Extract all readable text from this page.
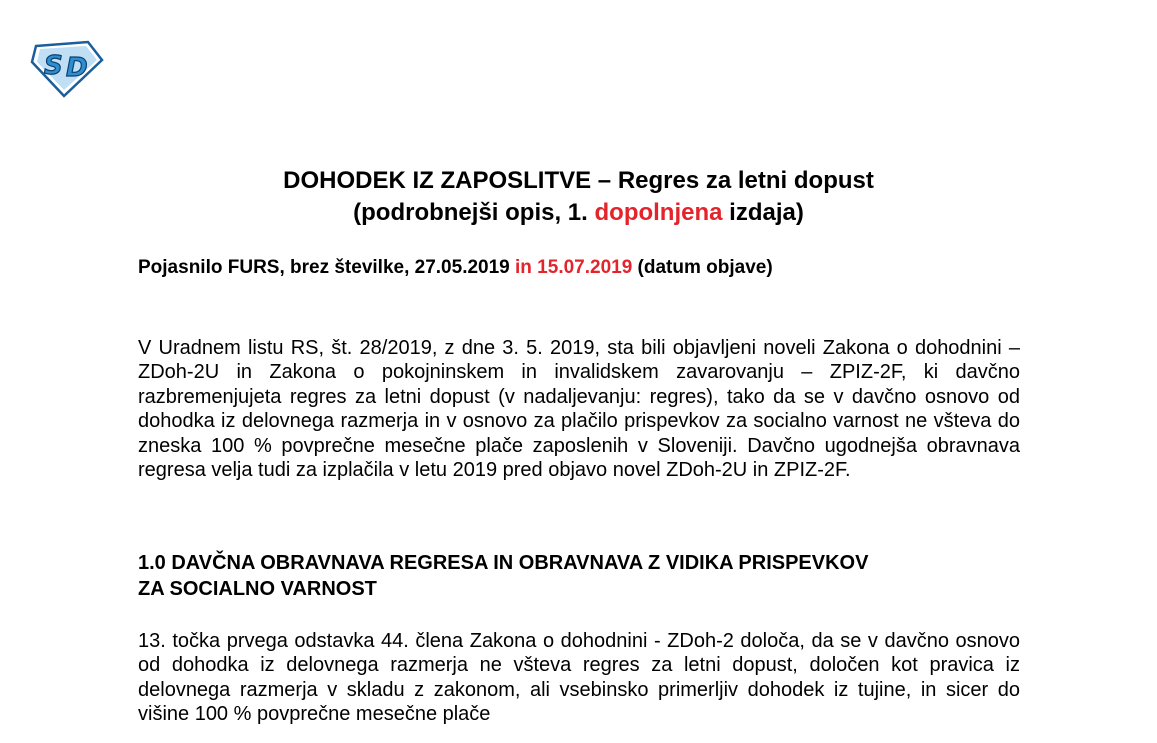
S D
DOHODEK IZ ZAPOSLITVE – Regres za letni dopust
(podrobnejši opis, 1. dopolnjena izdaja)
Pojasnilo FURS, brez številke, 27.05.2019 in 15.07.2019 (datum objave)

V Uradnem listu RS, št. 28/2019, z dne 3. 5. 2019, sta bili objavljeni noveli Zakona o dohodnini – ZDoh-2U in Zakona o pokojninskem in invalidskem zavarovanju – ZPIZ-2F, ki davčno razbremenjujeta regres za letni dopust (v nadaljevanju: regres), tako da se v davčno osnovo od dohodka iz delovnega razmerja in v osnovo za plačilo prispevkov za socialno varnost ne všteva do zneska 100 % povprečne mesečne plače zaposlenih v Sloveniji. Davčno ugodnejša obravnava regresa velja tudi za izplačila v letu 2019 pred objavo novel ZDoh-2U in ZPIZ-2F.

1.0 DAVČNA OBRAVNAVA REGRESA IN OBRAVNAVA Z VIDIKA PRISPEVKOV
ZA SOCIALNO VARNOST

13. točka prvega odstavka 44. člena Zakona o dohodnini - ZDoh-2 določa, da se v davčno osnovo od dohodka iz delovnega razmerja ne všteva regres za letni dopust, določen kot pravica iz delovnega razmerja v skladu z zakonom, ali vsebinsko primerljiv dohodek iz tujine, in sicer do višine 100 % povprečne mesečne plače
